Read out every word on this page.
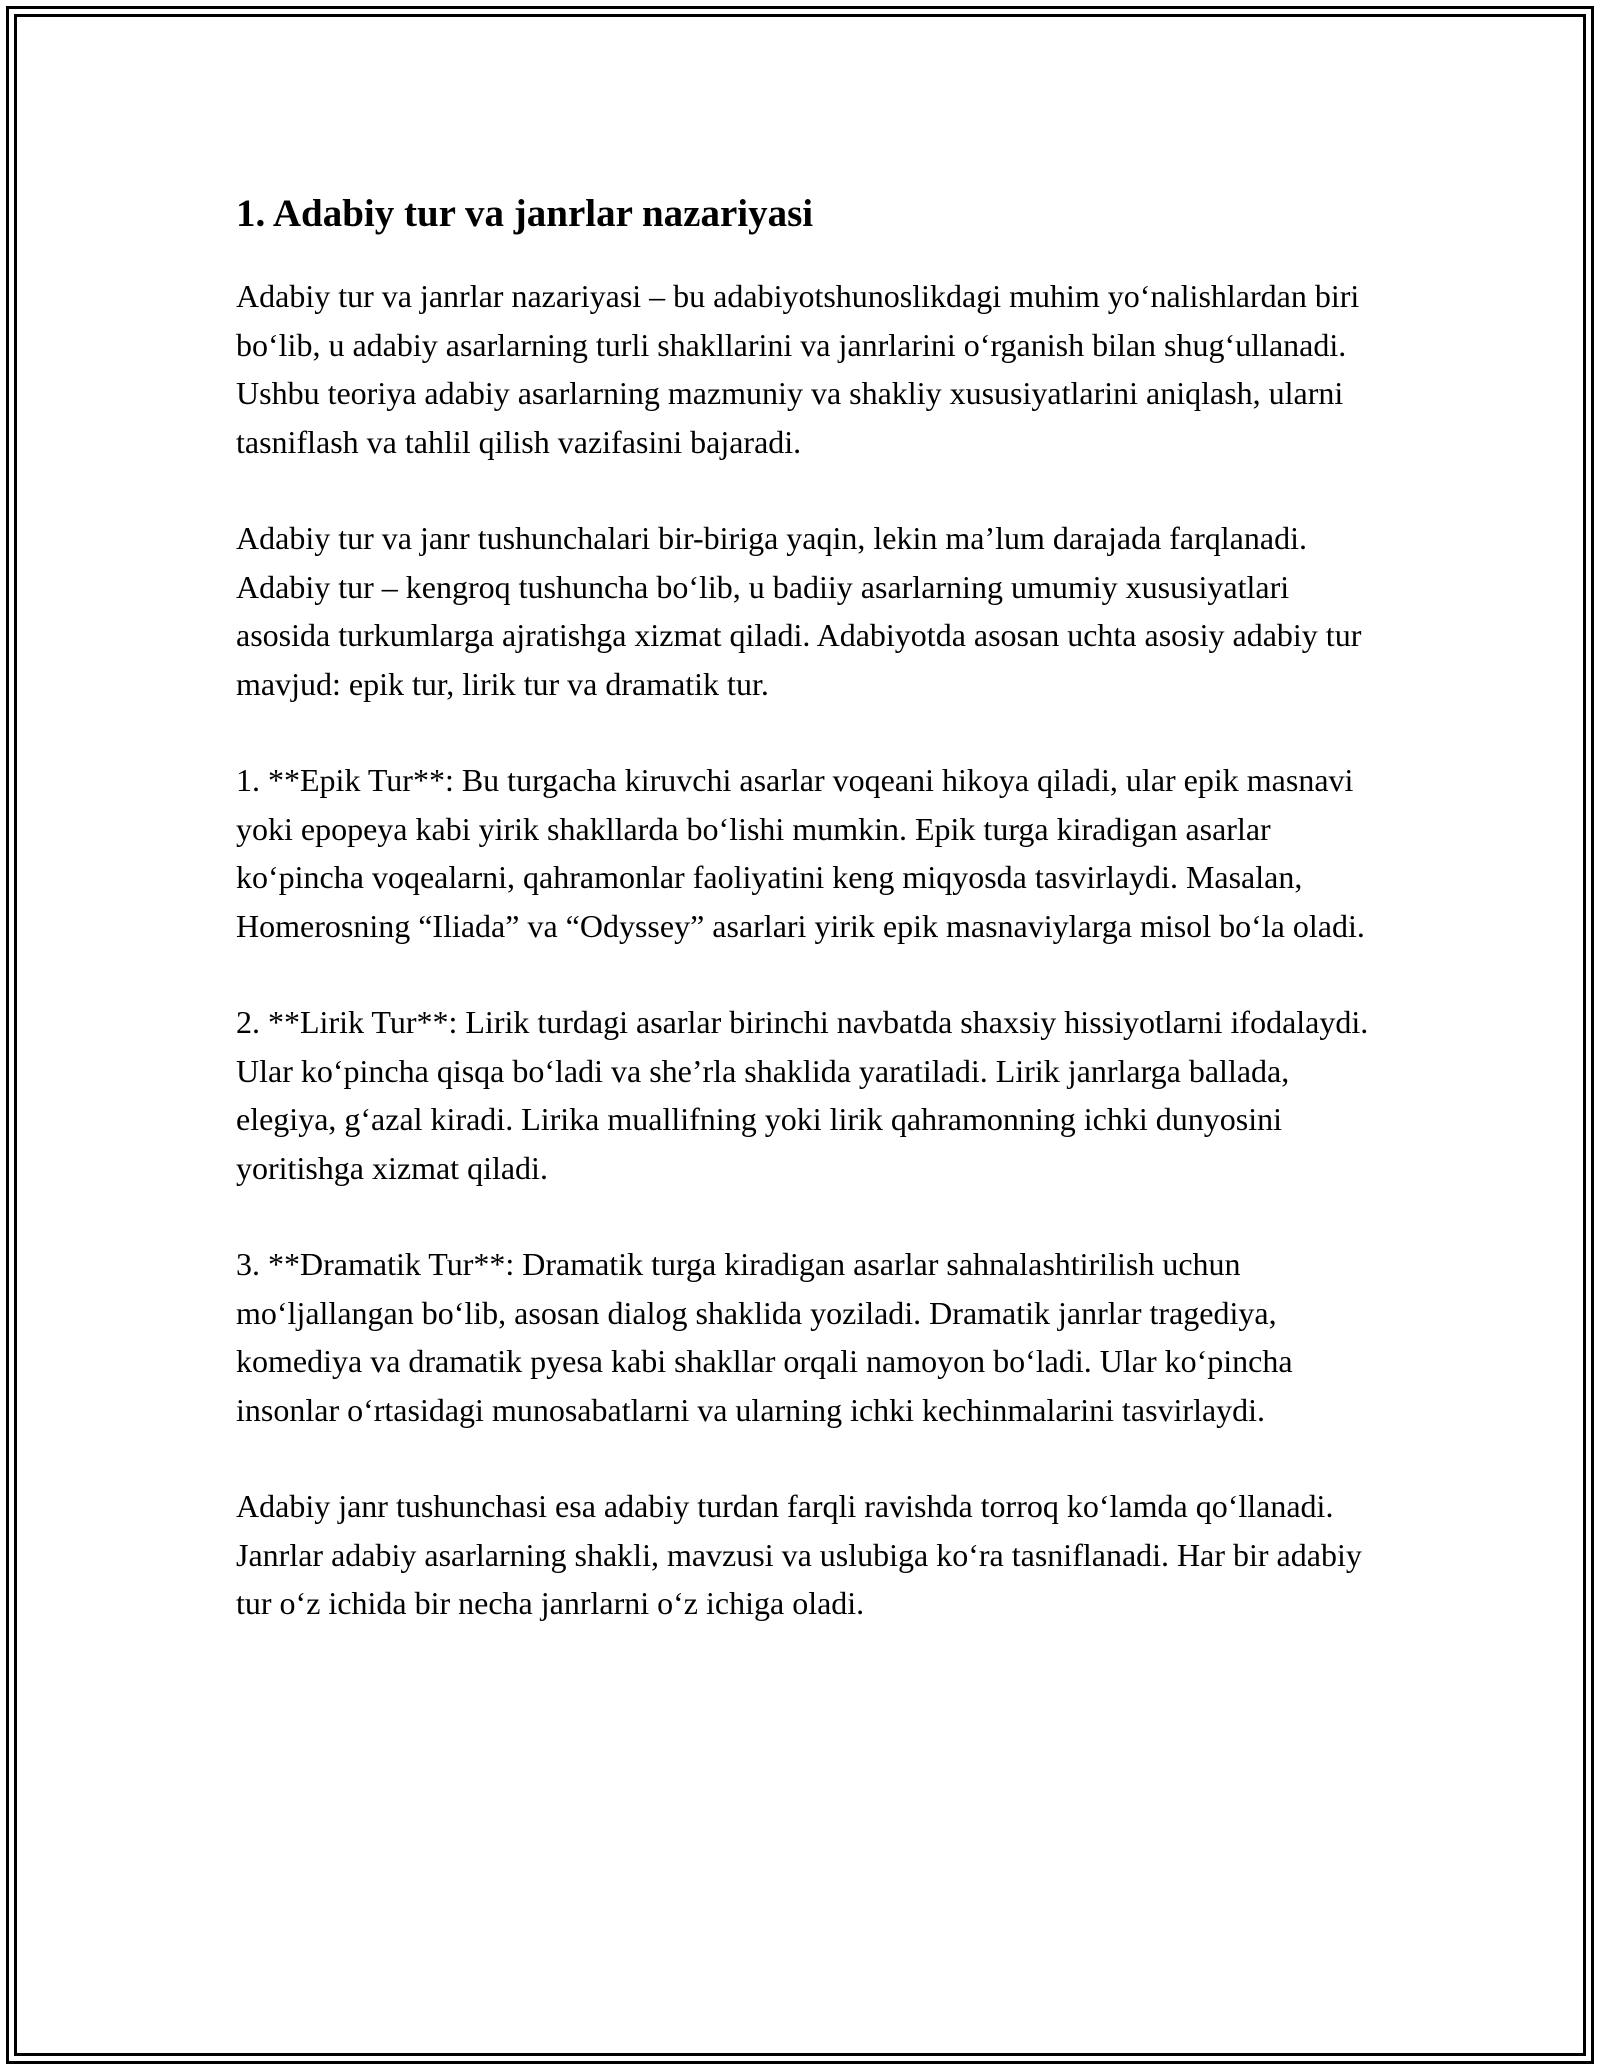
1. Adabiy tur va janrlar nazariyasi

Adabiy tur va janrlar nazariyasi – bu adabiyotshunoslikdagi muhim yoʻnalishlardan biri boʻlib, u adabiy asarlarning turli shakllarini va janrlarini oʻrganish bilan shugʻullanadi. Ushbu teoriya adabiy asarlarning mazmuniy va shakliy xususiyatlarini aniqlash, ularni tasniflash va tahlil qilish vazifasini bajaradi.

Adabiy tur va janr tushunchalari bir-biriga yaqin, lekin ma’lum darajada farqlanadi. Adabiy tur – kengroq tushuncha boʻlib, u badiiy asarlarning umumiy xususiyatlari asosida turkumlarga ajratishga xizmat qiladi. Adabiyotda asosan uchta asosiy adabiy tur mavjud: epik tur, lirik tur va dramatik tur.

1. **Epik Tur**: Bu turgacha kiruvchi asarlar voqeani hikoya qiladi, ular epik masnavi yoki epopeya kabi yirik shakllarda boʻlishi mumkin. Epik turga kiradigan asarlar koʻpincha voqealarni, qahramonlar faoliyatini keng miqyosda tasvirlaydi. Masalan, Homerosning “Iliada” va “Odyssey” asarlari yirik epik masnaviylarga misol boʻla oladi.

2. **Lirik Tur**: Lirik turdagi asarlar birinchi navbatda shaxsiy hissiyotlarni ifodalaydi. Ular koʻpincha qisqa boʻladi va she’rla shaklida yaratiladi. Lirik janrlarga ballada, elegiya, gʻazal kiradi. Lirika muallifning yoki lirik qahramonning ichki dunyosini yoritishga xizmat qiladi.

3. **Dramatik Tur**: Dramatik turga kiradigan asarlar sahnalashtirilish uchun moʻljallangan boʻlib, asosan dialog shaklida yoziladi. Dramatik janrlar tragediya, komediya va dramatik pyesa kabi shakllar orqali namoyon boʻladi. Ular koʻpincha insonlar oʻrtasidagi munosabatlarni va ularning ichki kechinmalarini tasvirlaydi.

Adabiy janr tushunchasi esa adabiy turdan farqli ravishda torroq koʻlamda qoʻllanadi. Janrlar adabiy asarlarning shakli, mavzusi va uslubiga koʻra tasniflanadi. Har bir adabiy tur oʻz ichida bir necha janrlarni oʻz ichiga oladi.
